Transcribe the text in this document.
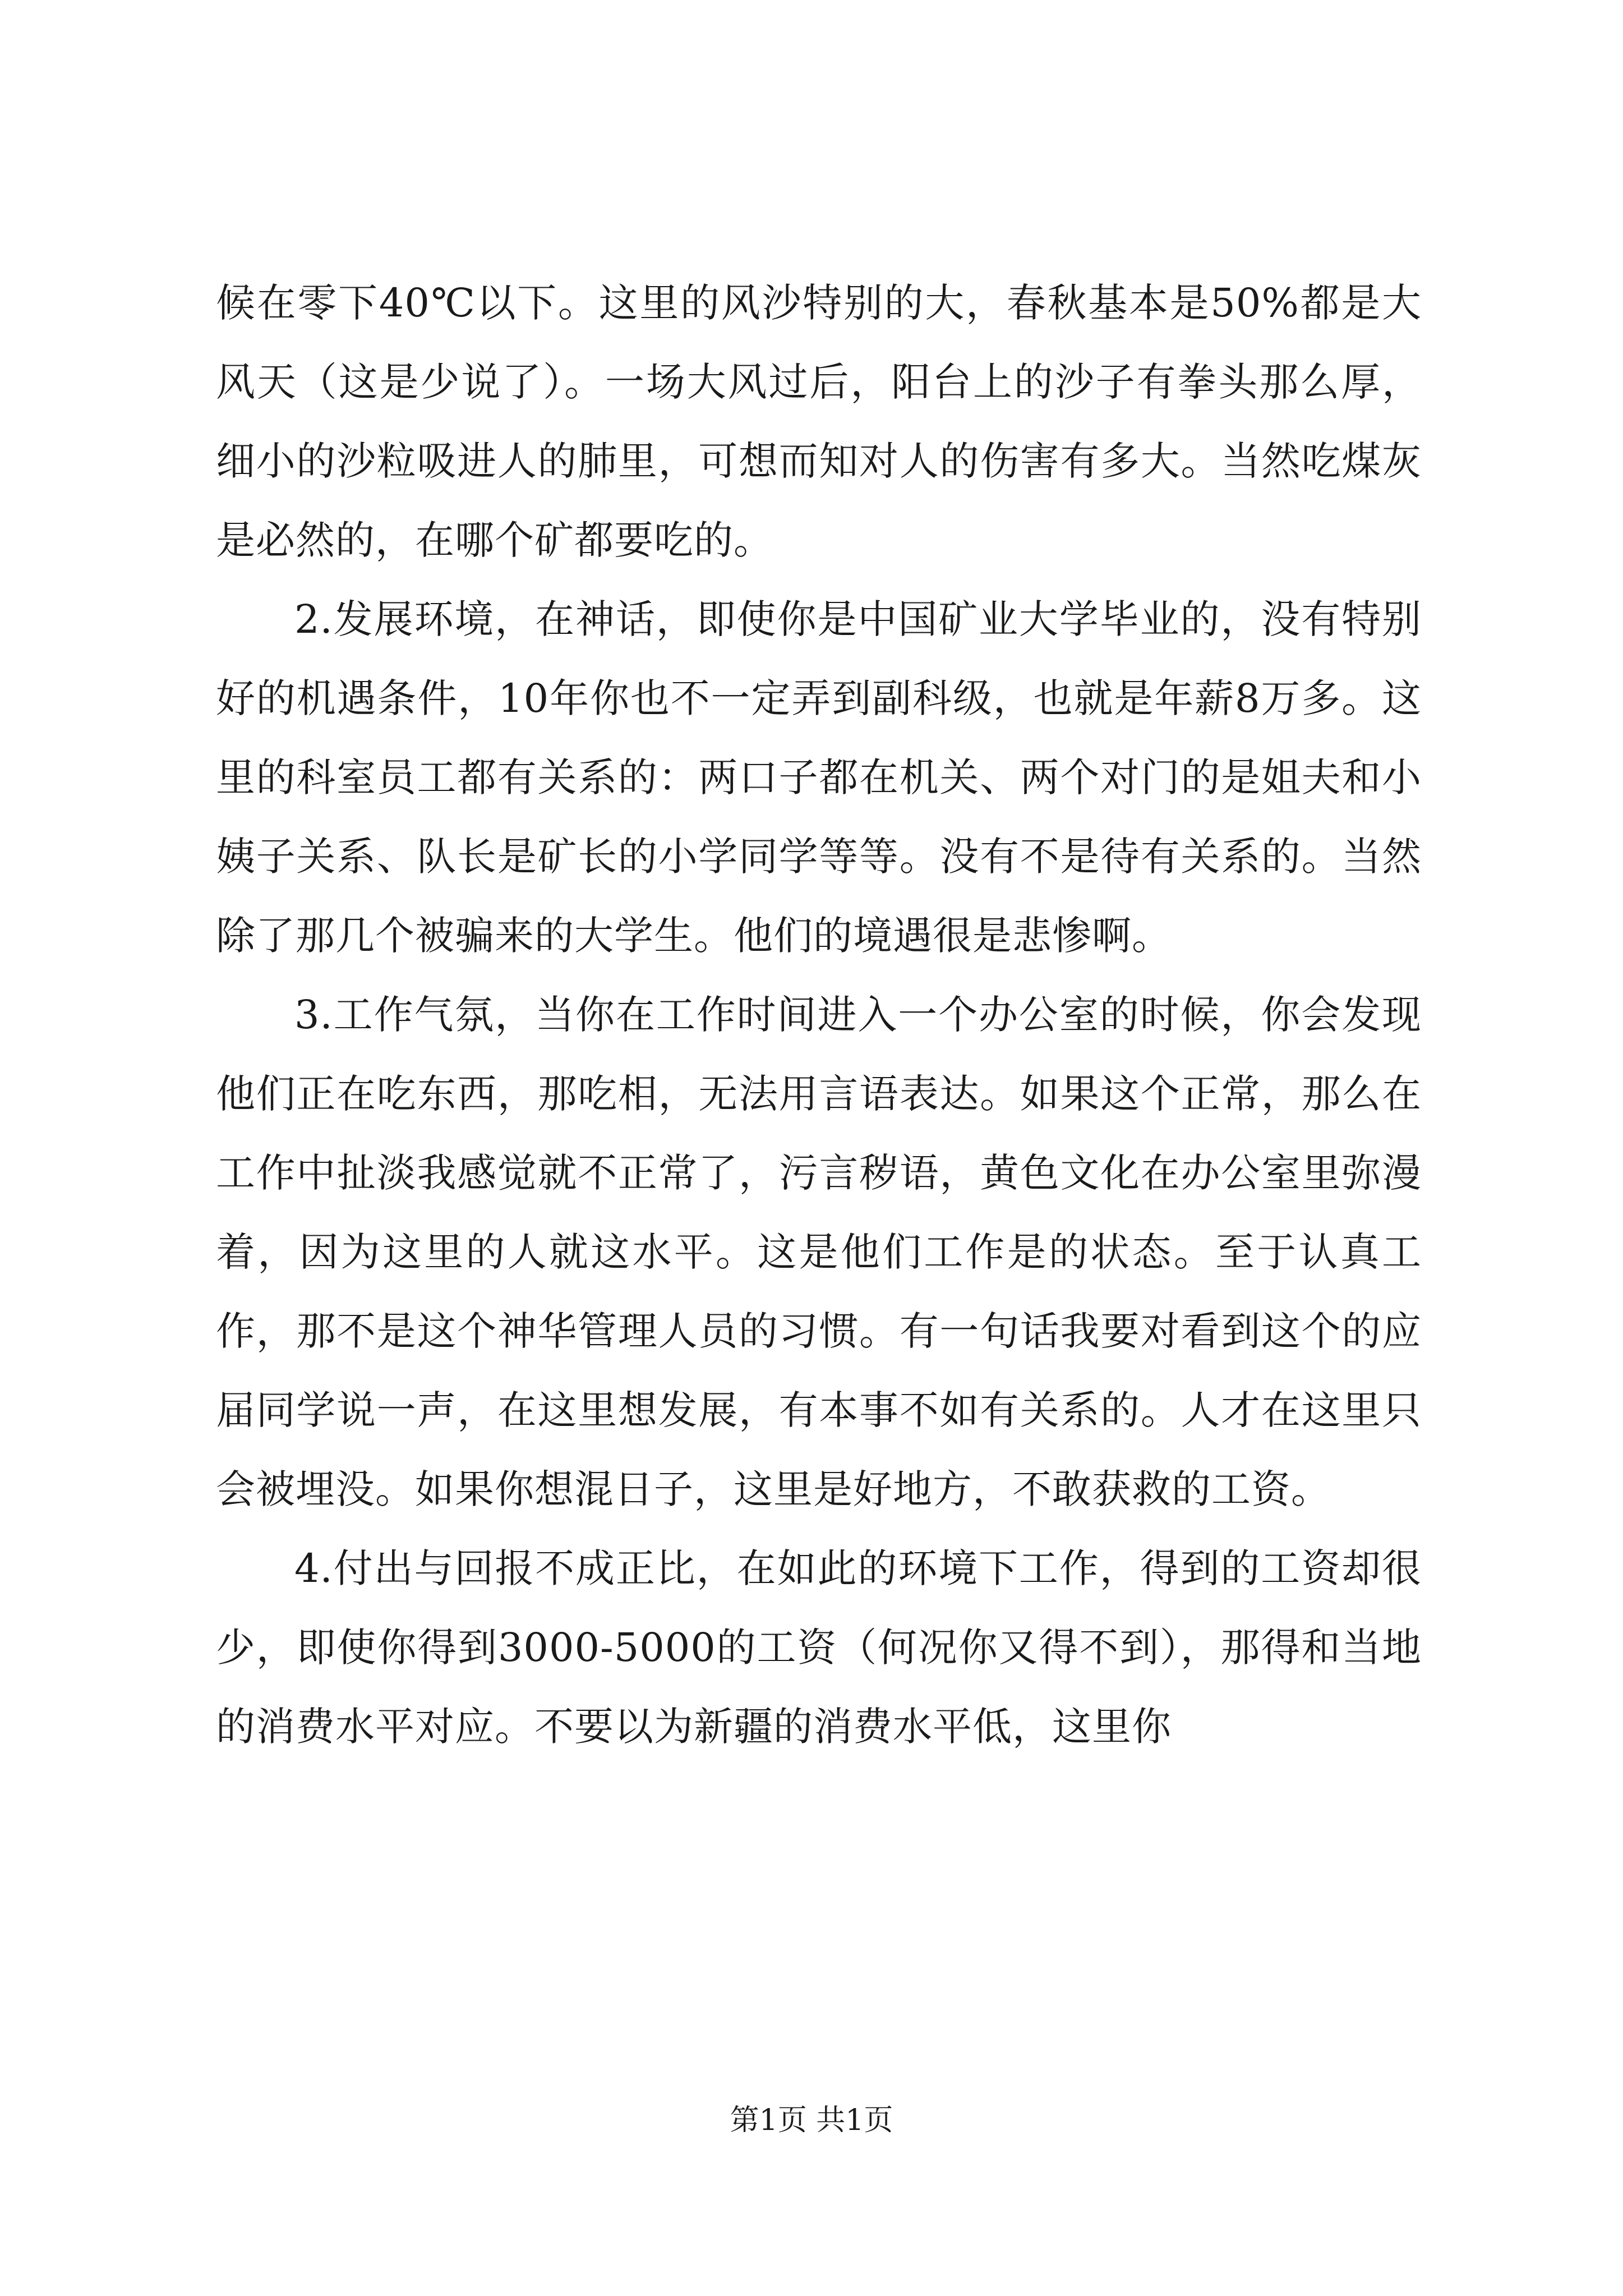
候在零下40℃以下。这里的风沙特别的大，春秋基本是50%都是大风天（这是少说了）。一场大风过后，阳台上的沙子有拳头那么厚，细小的沙粒吸进人的肺里，可想而知对人的伤害有多大。当然吃煤灰是必然的，在哪个矿都要吃的。

2.发展环境，在神话，即使你是中国矿业大学毕业的，没有特别好的机遇条件，10年你也不一定弄到副科级，也就是年薪8万多。这里的科室员工都有关系的：两口子都在机关、两个对门的是姐夫和小姨子关系、队长是矿长的小学同学等等。没有不是待有关系的。当然除了那几个被骗来的大学生。他们的境遇很是悲惨啊。

3.工作气氛，当你在工作时间进入一个办公室的时候，你会发现他们正在吃东西，那吃相，无法用言语表达。如果这个正常，那么在工作中扯淡我感觉就不正常了，污言秽语，黄色文化在办公室里弥漫着，因为这里的人就这水平。这是他们工作是的状态。至于认真工作，那不是这个神华管理人员的习惯。有一句话我要对看到这个的应届同学说一声，在这里想发展，有本事不如有关系的。人才在这里只会被埋没。如果你想混日子，这里是好地方，不敢获救的工资。

4.付出与回报不成正比，在如此的环境下工作，得到的工资却很少，即使你得到3000-5000的工资（何况你又得不到），那得和当地的消费水平对应。不要以为新疆的消费水平低，这里你

第1页 共1页
